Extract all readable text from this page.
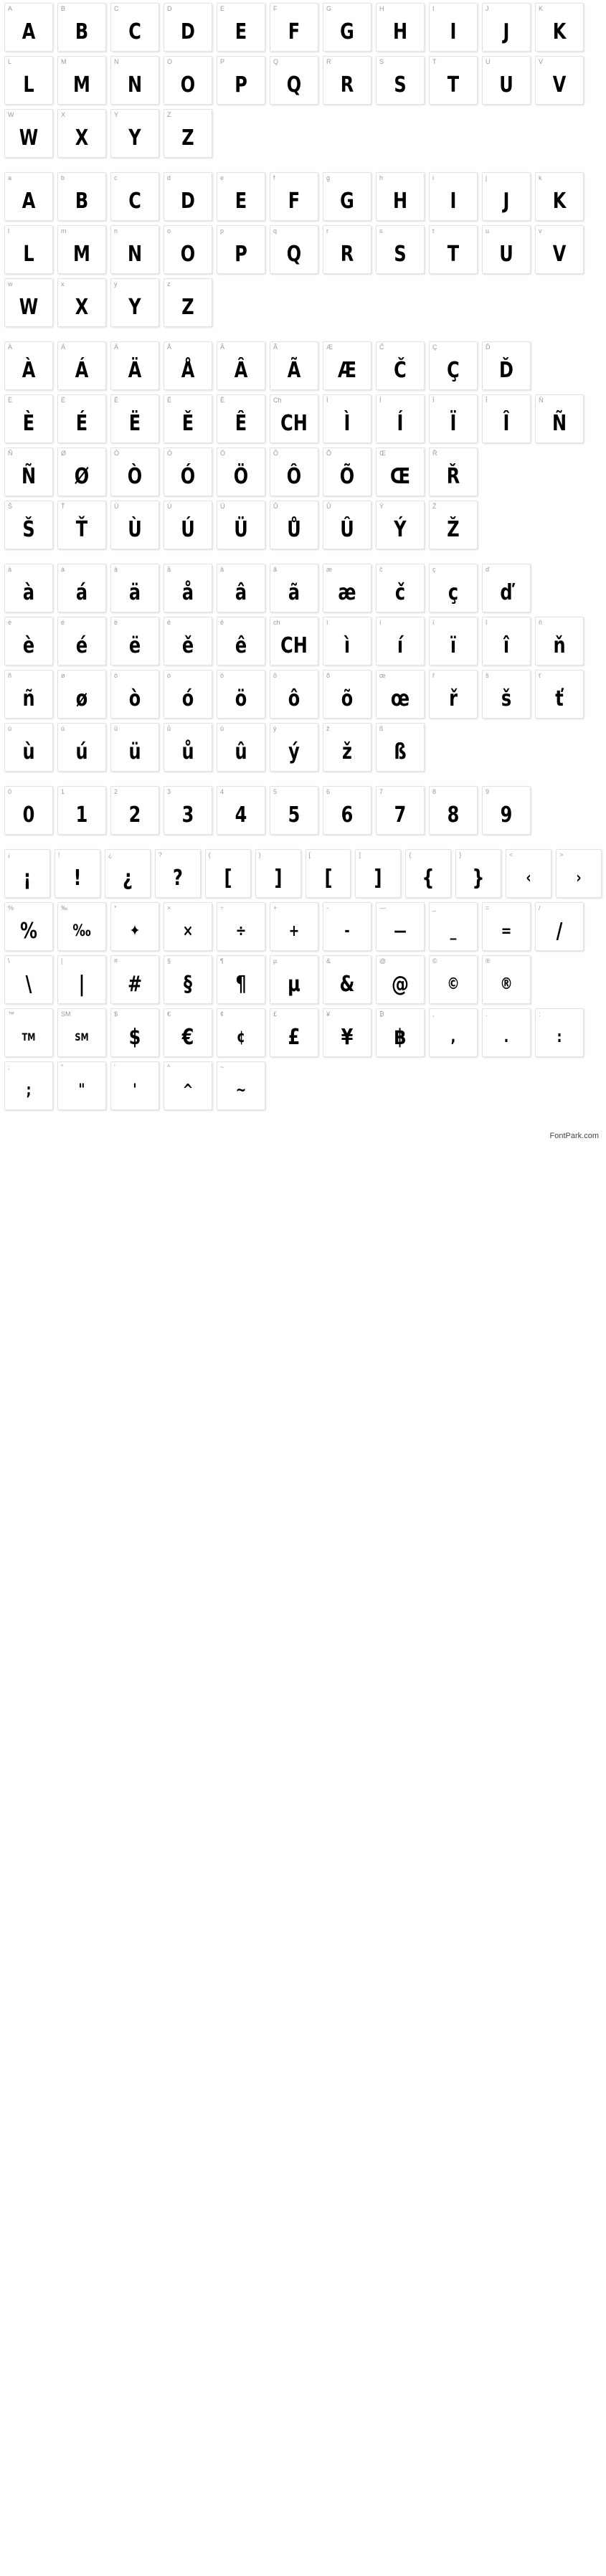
A
A
B
B
C
C
D
D
E
E
F
F
G
G
H
H
I
I
J
J
K
K
L
L
M
M
N
N
O
O
P
P
Q
Q
R
R
S
S
T
T
U
U
V
V
W
W
X
X
Y
Y
Z
Z
a
A
b
B
c
C
d
D
e
E
f
F
g
G
h
H
i
I
j
J
k
K
l
L
m
M
n
N
o
O
p
P
q
Q
r
R
s
S
t
T
u
U
v
V
w
W
x
X
y
Y
z
Z
À
À
Á
Á
Ä
Ä
Å
Å
Â
Â
Ã
Ã
Æ
Æ
Č
Č
Ç
Ç
Ď
Ď
È
È
É
É
Ë
Ë
Ě
Ě
Ê
Ê
Ch
CH
Ì
Ì
Í
Í
Ï
Ï
Î
Î
Ň
Ñ
Ñ
Ñ
Ø
Ø
Ò
Ò
Ó
Ó
Ö
Ö
Ô
Ô
Õ
Õ
Œ
Œ
Ř
Ř
Š
Š
Ť
Ť
Ù
Ù
Ú
Ú
Ü
Ü
Ů
Ů
Û
Û
Ý
Ý
Ž
Ž
à
à
á
á
ä
ä
å
å
â
â
ã
ã
æ
æ
č
č
ç
ç
ď
ď
è
è
é
é
ë
ë
ě
ě
ê
ê
ch
CH
ì
ì
í
í
ï
ï
î
î
ň
ň
ñ
ñ
ø
ø
ò
ò
ó
ó
ö
ö
ô
ô
õ
õ
œ
œ
ř
ř
š
š
ť
ť
ù
ù
ú
ú
ü
ü
ů
ů
û
û
ý
ý
ž
ž
ß
ß
0
0
1
1
2
2
3
3
4
4
5
5
6
6
7
7
8
8
9
9
¡
¡
!
!
¿
¿
?
?
(
[
)
]
[
[
]
]
{
{
}
}
<
‹
>
›
%
%
‰
‰
*
✦
×
×
÷
÷
+
+
-
-
—
—
_
_
=
=
/
/
\
\
|
|
#
#
§
§
¶
¶
µ
µ
&
&
@
@
©
©
®
®
™
TM
SM
SM
$
$
€
€
¢
¢
£
£
¥
¥
₿
฿
,
,
.
.
:
:
;
;
"
"
'
'
^
^
~
~
FontPark.com
